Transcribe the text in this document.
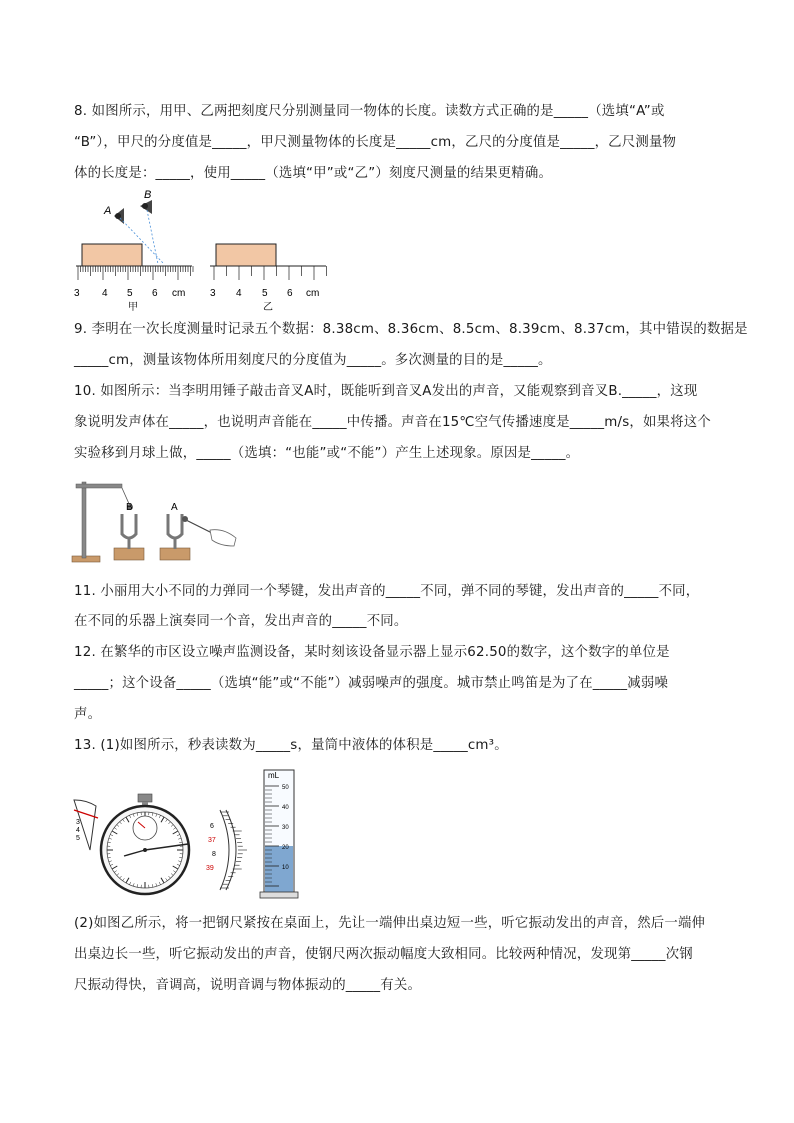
8. 如图所示，用甲、乙两把刻度尺分别测量同一物体的长度。读数方式正确的是_____（选填“A”或
“B”），甲尺的分度值是_____，甲尺测量物体的长度是_____cm，乙尺的分度值是_____，乙尺测量物
体的长度是：_____，使用_____（选填“甲”或“乙”）刻度尺测量的结果更精确。
A
B
3 4 5 6 cm
甲
3 4 5 6 cm
乙
9. 李明在一次长度测量时记录五个数据：8.38cm、8.36cm、8.5cm、8.39cm、8.37cm，其中错误的数据是
_____cm，测量该物体所用刻度尺的分度值为_____。多次测量的目的是_____。
10. 如图所示：当李明用锤子敲击音叉A时，既能听到音叉A发出的声音，又能观察到音叉B._____，这现
象说明发声体在_____，也说明声音能在_____中传播。声音在15℃空气传播速度是_____m/s，如果将这个
实验移到月球上做，_____（选填：“也能”或“不能”）产生上述现象。原因是_____。
B	A
11. 小丽用大小不同的力弹同一个琴键，发出声音的_____不同，弹不同的琴键，发出声音的_____不同，
在不同的乐器上演奏同一个音，发出声音的_____不同。
12. 在繁华的市区设立噪声监测设备，某时刻该设备显示器上显示62.50的数字，这个数字的单位是
_____；这个设备_____（选填“能”或“不能”）减弱噪声的强度。城市禁止鸣笛是为了在_____减弱噪
声。
13. (1)如图所示，秒表读数为_____s，量筒中液体的体积是_____cm³。
3
4
5
6
37
8
39
mL
50
40
30
20
10
(2)如图乙所示，将一把钢尺紧按在桌面上，先让一端伸出桌边短一些，听它振动发出的声音，然后一端伸
出桌边长一些，听它振动发出的声音，使钢尺两次振动幅度大致相同。比较两种情况，发现第_____次钢
尺振动得快，音调高，说明音调与物体振动的_____有关。
